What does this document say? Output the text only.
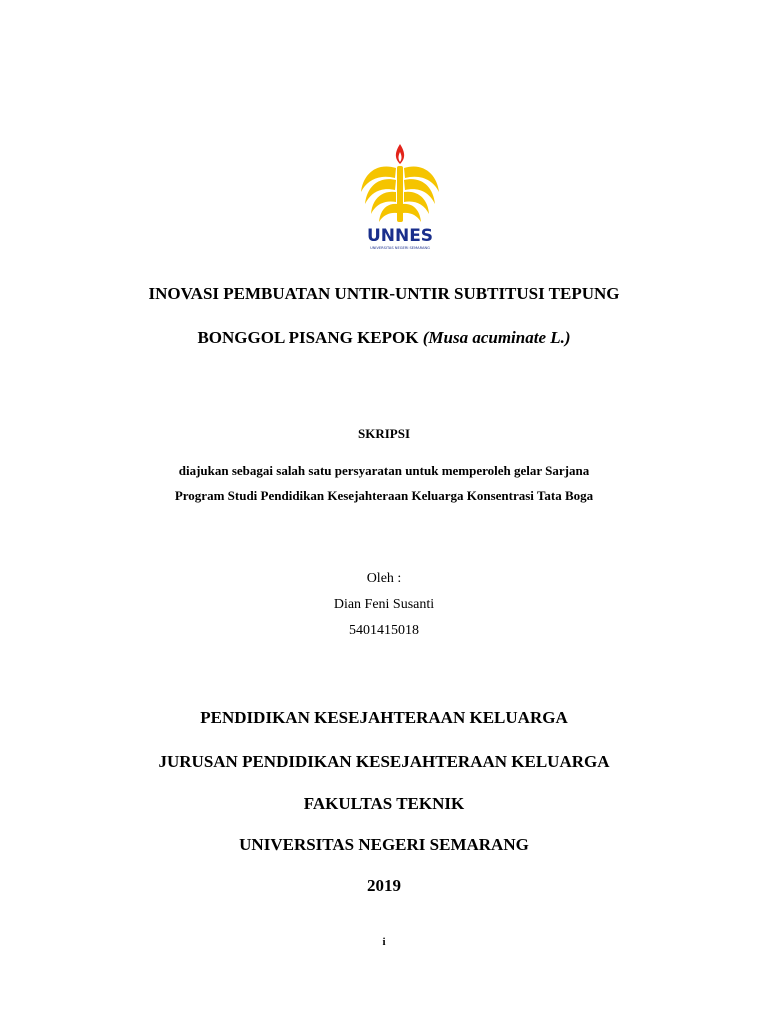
UNNES
UNIVERSITAS NEGERI SEMARANG
INOVASI PEMBUATAN UNTIR-UNTIR SUBTITUSI TEPUNG
BONGGOL PISANG KEPOK (Musa acuminate L.)
SKRIPSI
diajukan sebagai salah satu persyaratan untuk memperoleh gelar Sarjana
Program Studi Pendidikan Kesejahteraan Keluarga Konsentrasi Tata Boga
Oleh :
Dian Feni Susanti
5401415018
PENDIDIKAN KESEJAHTERAAN KELUARGA
JURUSAN PENDIDIKAN KESEJAHTERAAN KELUARGA
FAKULTAS TEKNIK
UNIVERSITAS NEGERI SEMARANG
2019
i
